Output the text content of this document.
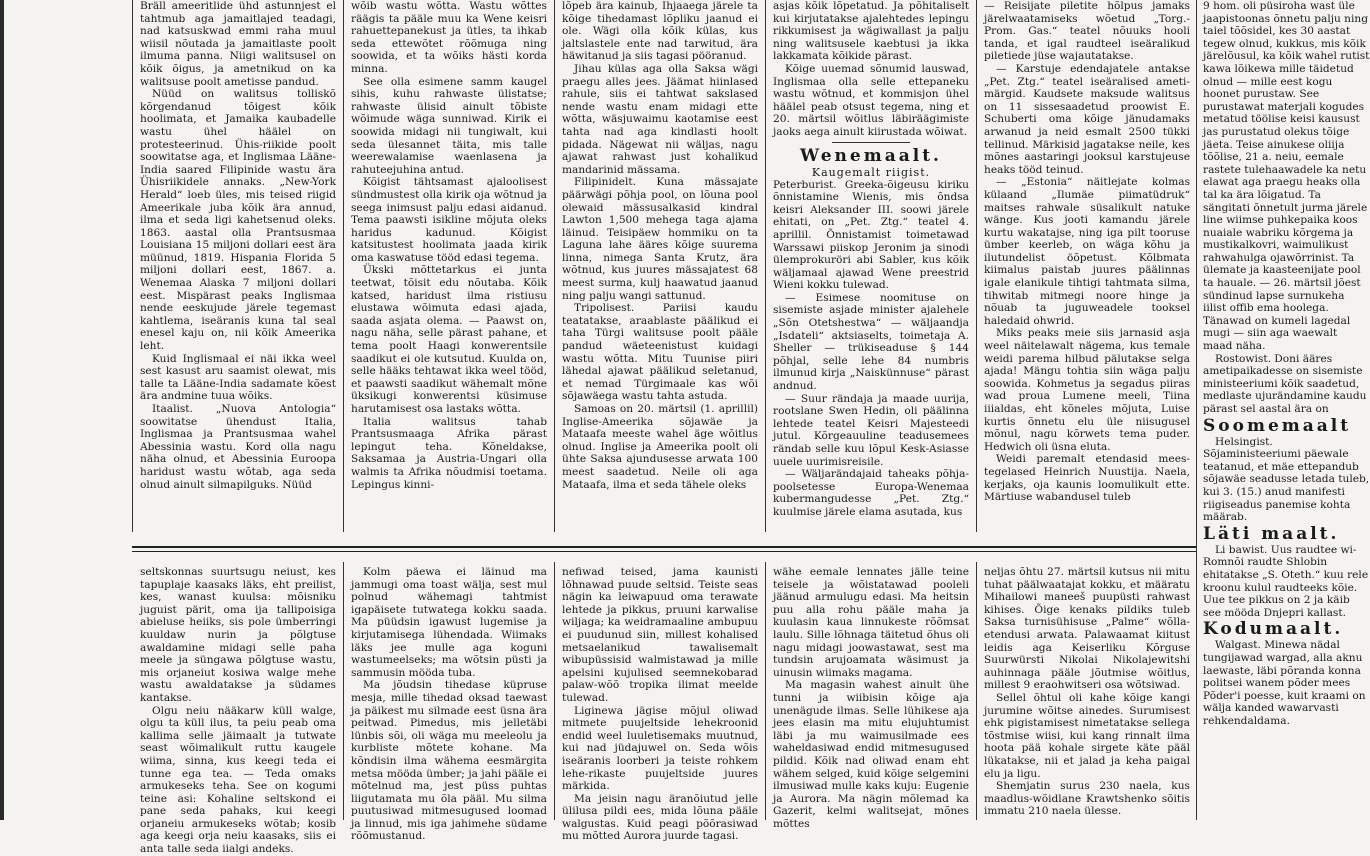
Bräll ameeritlide ühd astunnjest el tahtmub aga jamaitlajed teadagi, nad katsuskwad emmi raha muul wiisil nõutada ja jamaitlaste poolt ilmuma panna. Niigi walitsusel on kõik õigus, ja ametnikud on ka walitsuse poolt ametisse pandud.

Nüüd on walitsus tolliskõ kõrgendanud tõigest kõik hoolimata, et Jamaika kaubadelle wastu ühel häälel on protesteerinud. Ühis-riikide poolt soowitatse aga, et Inglismaa Lääne-India saared Filipinide wastu ära Ühisriikidele annaks. „New-York Herald“ loeb üles, mis teised riigid Ameerikale juba kõik ära annud, ilma et seda ligi kahetsenud oleks. 1863. aastal olla Prantsusmaa Louisiana 15 miljoni dollari eest ära müünud, 1819. Hispania Florida 5 miljoni dollari eest, 1867. a. Wenemaa Alaska 7 miljoni dollari eest. Mispärast peaks Inglismaa nende eeskujude järele tegemast kahtlema, iseäranis kuna tal seal enesel kaju on, nii kõik Ameerika leht.

Kuid Inglismaal ei näi ikka weel sest kasust aru saamist olewat, mis talle ta Lääne-India sadamate kõest ära andmine tuua wõiks.

Itaalist. „Nuova Antologia“ soowitatse ühendust Italia, Inglismaa ja Prantsusmaa wahel Abessinia wastu. Kord olla nagu näha olnud, et Abessinia Euroopa haridust wastu wõtab, aga seda olnud ainult silmapilguks. Nüüd

wõib wastu wõtta. Wastu wõttes räägis ta pääle muu ka Wene keisri rahuettepanekust ja ütles, ta ihkab seda ettewõtet rõõmuga ning soowida, et ta wõiks hästi korda minna.

See olla esimene samm kaugel sihis, kuhu rahwaste ülistatse; rahwaste ülisid ainult tõbiste wõimude wäga sunniwad. Kirik ei soowida midagi nii tungiwalt, kui seda ülesannet täita, mis talle weerewalamise waenlasena ja rahuteejuhina antud.

Kõigist tähtsamast ajaloolisest sündmustest olla kirik oja wõtnud ja seega inimsust palju edasi aidanud. Tema paawsti isikline mõjuta oleks haridus kadunud. Kõigist katsitustest hoolimata jaada kirik oma kaswatuse tööd edasi tegema.

Ükski mõttetarkus ei junta teetwat, tõisit edu nõutaba. Kõik katsed, haridust ilma ristiusu elustawa wõimuta edasi ajada, saada asjata olema. — Paawst on, nagu näha, selle pärast pahane, et tema poolt Haagi konwerentsile saadikut ei ole kutsutud. Kuulda on, selle hääks tehtawat ikka weel tööd, et paawsti saadikut wähemalt mõne üksikugi konwerentsi küsimuse harutamisest osa lastaks wõtta.

Italia walitsus tahab Prantsusmaaga Afrika pärast lepingut teha. Kõneldakse, Saksamaa ja Austria-Ungari olla walmis ta Afrika nõudmisi toetama. Lepingus kinni-

lõpeb ära kainub, Ihjaaega järele ta kõige tihedamast lõpliku jaanud ei ole. Wägi olla kõik külas, kus jaltslastele ente nad tarwitud, ära häwitanud ja siis tagasi pööranud.

Jihau külas aga olla Saksa wägi praegu alles jees. Jäämat hiinlased rahule, siis ei tahtwat sakslased nende wastu enam midagi ette wõtta, wäsjuwaimu kaotamise eest tahta nad aga kindlasti hoolt pidada. Nägewat nii wäljas, nagu ajawat rahwast just kohalikud mandarinid mässama.

Filipinidelt. Kuna mässajate päärwägi põhja pool, on lõuna pool olewaid mässusalkasid kindral Lawton 1,500 mehega taga ajama läinud. Teisipäew hommiku on ta Laguna lahe ääres kõige suurema linna, nimega Santa Krutz, ära wõtnud, kus juures mässajatest 68 meest surma, kulj haawatud jaanud ning palju wangi sattunud.

Tripolisest. Pariisi kaudu teatatakse, araablaste päälikud ei taha Türgi walitsuse poolt pääle pandud wäeteenistust kuidagi wastu wõtta. Mitu Tuunise piiri lähedal ajawat päälikud seletanud, et nemad Türgimaale kas wõi sõjawäega wastu tahta astuda.

Samoas on 20. märtsil (1. aprillil) Inglise-Ameerika sõjawäe ja Mataafa meeste wahel äge wõitlus olnud. Inglise ja Ameerika poolt oli ühte Saksa ajundusesse arwata 100 meest saadetud. Neile oli aga Mataafa, ilma et seda tähele oleks

asjas kõik lõpetatud. Ja põhitaliselt kui kirjutatakse ajalehtedes lepingu rikkumisest ja wägiwallast ja palju ning walitsusele kaebtusi ja ikka lakkamata kõikide pärast.

Kõige uuemad sõnumid lauswad, Inglismaa olla selle ettepaneku wastu wõtnud, et kommisjon ühel häälel peab otsust tegema, ning et 20. märtsil wõitlus läbiräägimiste jaoks aega ainult kiirustada wõiwat.

Wenemaalt.

Kaugemalt riigist.

Peterburist. Greeka-õigeusu kiriku õnnistamine Wienis, mis õndsa keisri Aleksander III. soowi järele ehitati, on „Pet. Ztg.“ teatel 4. aprillil. Õnnistamist toimetawad Warssawi piiskop Jeronim ja sinodi ülemprokuröri abi Sabler, kus kõik wäljamaal ajawad Wene preestrid Wieni kokku tulewad.

— Esimese noomituse on sisemiste asjade minister ajalehele „Sõn Otetshestwa“ — wäljaandja „Isdateli“ aktsiaselts, toimetaja A. Sheller — trükiseaduse § 144 põhjal, selle lehe 84 numbris ilmunud kirja „Naiskünnuse“ pärast andnud.

— Suur rändaja ja maade uurija, rootslane Swen Hedin, oli päälinna lehtede teatel Keisri Majesteedi jutul. Kõrgeauuline teadusemees rändab selle kuu lõpul Kesk-Asiasse uuele uurimisreisile.

— Wäljarändajaid taheaks põhja-poolsetesse Europa-Wenemaa kubermangudesse „Pet. Ztg.“ kuulmise järele elama asutada, kus

— Reisijate piletite hõlpus jamaks järelwaatamiseks wõetud „Torg.-Prom. Gas.“ teatel nõuuks hooli tanda, et igal raudteel iseäralikud piletiede jüse wajautatakse.

— Karstuje edendajatele antakse „Pet. Ztg.“ teatel iseäralised ameti-märgid. Kaudsete maksude walitsus on 11 sissesaadetud proowist E. Schuberti oma kõige jänudamaks arwanud ja neid esmalt 2500 tükki tellinud. Märkisid jagatakse neile, kes mõnes aastaringi jooksul karstujeuse heaks tööd teinud.

— „Estonia“ näitlejate kolmas külaand „Ilumäe piimatüdruk“ maitses rahwale süsalikult natuke wänge. Kus jooti kamandu järele kurtu wakatajse, ning iga pilt tooruse ümber keerleb, on wäga kõhu ja ilutundelist öõpetust. Kõlbmata kiimalus paistab juures päälinnas igale elanikule tihtigi tahtmata silma, tihwitab mitmegi noore hinge ja nõuab ta juguweadele tooksel haledaid ohwrid.

Miks peaks meie siis jarnasid asja weel näitelawalt nägema, kus temale weidi parema hilbud pälutakse selga ajada! Mängu tohtia siin wäga palju soowida. Kohmetus ja segadus piiras wad proua Lumene meeli, Tiina iiialdas, eht kõneles mõjuta, Luise kurtis õnnetu elu üle niisugusel mõnul, nagu kõrwets tema puder. Hedwich oli üsna eluta.

Weidi paremalt etendasid mees-tegelased Heinrich Nuustija. Naela, kerjaks, oja kaunis loomulikult ette. Märtiuse wabandusel tuleb

9 hom. oli püsiroha wast üle jaapistoonas õnnetu palju ning taiel tõõsidel, kes 30 aastat tegew olnud, kukkus, mis kõik järelõusul, ka kõik wahel rutist kawa lõikewa mille täidetud olnud — mille eest kogu hoonet purustaw. See purustawat materjali kogudes metatud töölise keisi kausust jas purustatud olekus tõige jäeta. Teise ainukese oliija tõõlise, 21 a. neiu, eemale rastete tulehaawadele ka netu elawat aga praegu heaks olla tal ka ära lõigatud. Ta sängitati õnnetult jurma järele line wiimse puhkepaika koos nuaiale wabriku kõrgema ja mustikalkovri, waimulikust rahwahulga ojawõrrinist. Ta ülemate ja kaasteenijate pool ta hauale. — 26. märtsil jõest sündinud lapse surnukeha iilist offib ema hoolega. Tänawad on kumeli lagedal mugi — siin aga waewalt maad näha.

Rostowist. Doni ääres ametipaikadesse on sisemiste ministeeriumi kõik saadetud, medlaste ujurändamine kaudu pärast sel aastal ära on

Soomemaalt

Helsingist. Sõjaministeeriumi päewale teatanud, et mäe ettepandub sõjawäe seadusse letada tuleb, kui 3. (15.) anud manifesti riigiseadus panemise kohta määrab.

Läti maalt.

Li bawist. Uus raudtee wi-Romnõi raudte Shlobin ehitatakse „S. Oteth.“ kuu rele kroonu kulul raudteeks kõie. Uue tee pikkus on 2 ja käib see mööda Dnjepri kallast.

Kodumaalt.

Walgast. Minewa nädal tungijawad wargad, alla aknu laewaste, läbi põranda konna politsei wanem põder mees Põder'i poesse, kuit kraami on wälja kanded wawarvasti rehkendaldama.

seltskonnas suurtsugu neiust, kes tapuplaje kaasaks läks, eht preilist, kes, wanast kuulsa: mõisniku juguist pärit, oma ija tallipoisiga abieluse heiiks, sis pole ümberringi kuuldaw nurin ja põlgtuse awaldamine midagi selle paha meele ja süngawa põlgtuse wastu, mis orjaneiut kosiwa walge mehe wastu awaldatakse ja südames kantakse.

Olgu neiu nääkarw küll walge, olgu ta küll ilus, ta peiu peab oma kallima selle jäimaalt ja tutwate seast wõimalikult ruttu kaugele wiima, sinna, kus keegi teda ei tunne ega tea. — Teda omaks armukeseks teha. See on kogumi teine asi: Kohaline seltskond ei pane seda pahaks, kui keegi orjaneiu armukeseks wõtab; kosib aga keegi orja neiu kaasaks, siis ei anta talle seda iialgi andeks.

Kolm päewa ei läinud ma jammugi oma toast wälja, sest mul polnud wähemagi tahtmist igapäisete tutwatega kokku saada. Ma püüdsin igawust lugemise ja kirjutamisega lühendada. Wiimaks läks jee mulle aga koguni wastumeelseks; ma wõtsin püsti ja sammusin mööda tuba.

Ma jõudsin tihedase küpruse mesja, mille tihedad oksad taewast ja päikest mu silmade eest üsna ära peitwad. Pimedus, mis jelletäbi lünbis sõi, oli wäga mu meeleolu ja kurbliste mõtete kohane. Ma kõndisin ilma wähema eesmärgita metsa mööda ümber; ja jahi pääle ei mõtelnud ma, jest püss puhtas liigutamata mu õla pääl. Mu silma puutusiwad mitmesugused loomad ja linnud, mis iga jahimehe südame rõõmustanud.

nefiwad teised, jama kaunisti lõhnawad puude seltsid. Teiste seas nägin ka leiwapuud oma terawate lehtede ja pikkus, pruuni karwalise wiljaga; ka weidramaaline ambupuu ei puudunud siin, millest kohalised metsaelanikud tawalisemalt wibupüssisid walmistawad ja mille apelsini kujulised seemnekobarad palaw-wõõ tropika ilimat meelde tulewad.

Liginewa jägise mõjul oliwad mitmete puujeltside lehekroonid endid weel luuletisemaks muutnud, kui nad jüdajuwel on. Seda wõis iseäranis loorberi ja teiste rohkem lehe-rikaste puujeltside juures märkida.

Ma jeisin nagu äranõiutud jelle ülilusa pildi ees, mida lõuna pääle walgustas. Kuid peagi põõrasiwad mu mõtted Aurora juurde tagasi.

wähe eemale lennates jälle teine teisele ja wõistatawad pooleli jäänud armulugu edasi. Ma heitsin puu alla rohu pääle maha ja kuulasin kaua linnukeste rõõmsat laulu. Sille lõhnaga täitetud õhus oli nagu midagi joowastawat, sest ma tundsin arujoamata wäsimust ja uinusin wiimaks magama.

Ma magasin wahest ainult ühe tunni ja wiibisin kõige aja unenägude ilmas. Selle lühikese aja jees elasin ma mitu elujuhtumist läbi ja mu waimusilmade ees waheldasiwad endid mitmesugused pildid. Kõik nad oliwad enam eht wähem selged, kuid kõige selgemini ilmusiwad mulle kaks kuju: Eugenie ja Aurora. Ma nägin mõlemad ka Gazerit, kelmi walitsejat, mõnes mõttes

neljas õhtu 27. märtsil kutsus nii mitu tuhat päälwaatajat kokku, et määratu Mihailowi maneeš puupüsti rahwast kihises. Õige kenaks pildiks tuleb Saksa turnisühisuse „Palme“ wõlla-etendusi arwata. Palawaamat kiitust leidis aga Keiserliku Kõrguse Suurwürsti Nikolai Nikolajewitshi auhinnaga pääle jõutmise wõitlus, millest 9 eraohwitseri osa wõtsiwad.

Sellel õhtul oli kahe kõige kangi jurumine wõitse ainedes. Surumisest ehk pigistamisest nimetatakse sellega tõstmise wiisi, kui kang rinnalt ilma hoota pää kohale sirgete käte pääl lükatakse, nii et jalad ja keha paigal elu ja ligu.

Shemjatin surus 230 naela, kus maadlus-wõidlane Krawtshenko sõitis immatu 210 naela ülesse.
